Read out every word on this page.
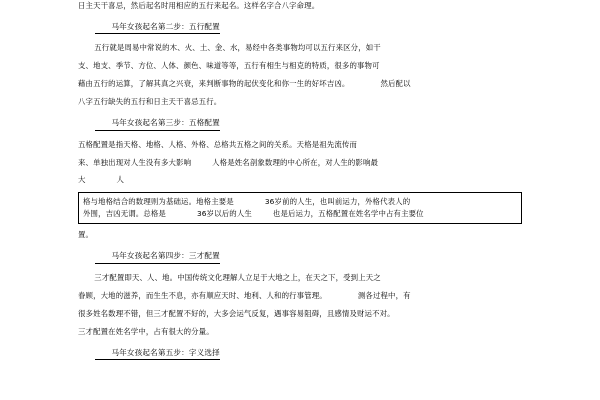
日主天干喜忌，然后起名时用相应的五行来起名。这样名字合八字命理。

马年女孩起名第二步：五行配置

五行就是周易中常说的木、火、土、金、水，易经中各类事物均可以五行来区分，如干

支、地支、季节、方位、人体、颜色、味道等等，五行有相生与相克的特质，很多的事物可

藉由五行的运算，了解其真之兴衰，来判断事物的起伏变化和你一生的好坏吉凶。	然后配以

八字五行缺失的五行和日主天干喜忌五行。

马年女孩起名第三步：五格配置

五格配置是指天格、地格、人格、外格、总格共五格之间的关系。天格是祖先流传而

来、单独出现对人生没有多大影响	人格是姓名剖象数理的中心所在，对人生的影响最

大	人

格与地格结合的数理则为基础运。地格主要是	36岁前的人生，也叫前运力，外格代表人的
外围，吉凶无谓。总格是	36岁以后的人生	也是后运力，五格配置在姓名学中占有主要位

置。

马年女孩起名第四步：三才配置

三才配置即天、人、地。中国传统文化理解人立足于大地之上，在天之下，受到上天之

眷顾，大地的滋养，而生生不息，亦有顺应天时、地利、人和的行事管理。	测各过程中，有

很多姓名数理不错，但三才配置不好的，大多会运气反复，遇事容易阻碍，且感情及财运不对。

三才配置在姓名学中，占有很大的分量。

马年女孩起名第五步：字义选择
